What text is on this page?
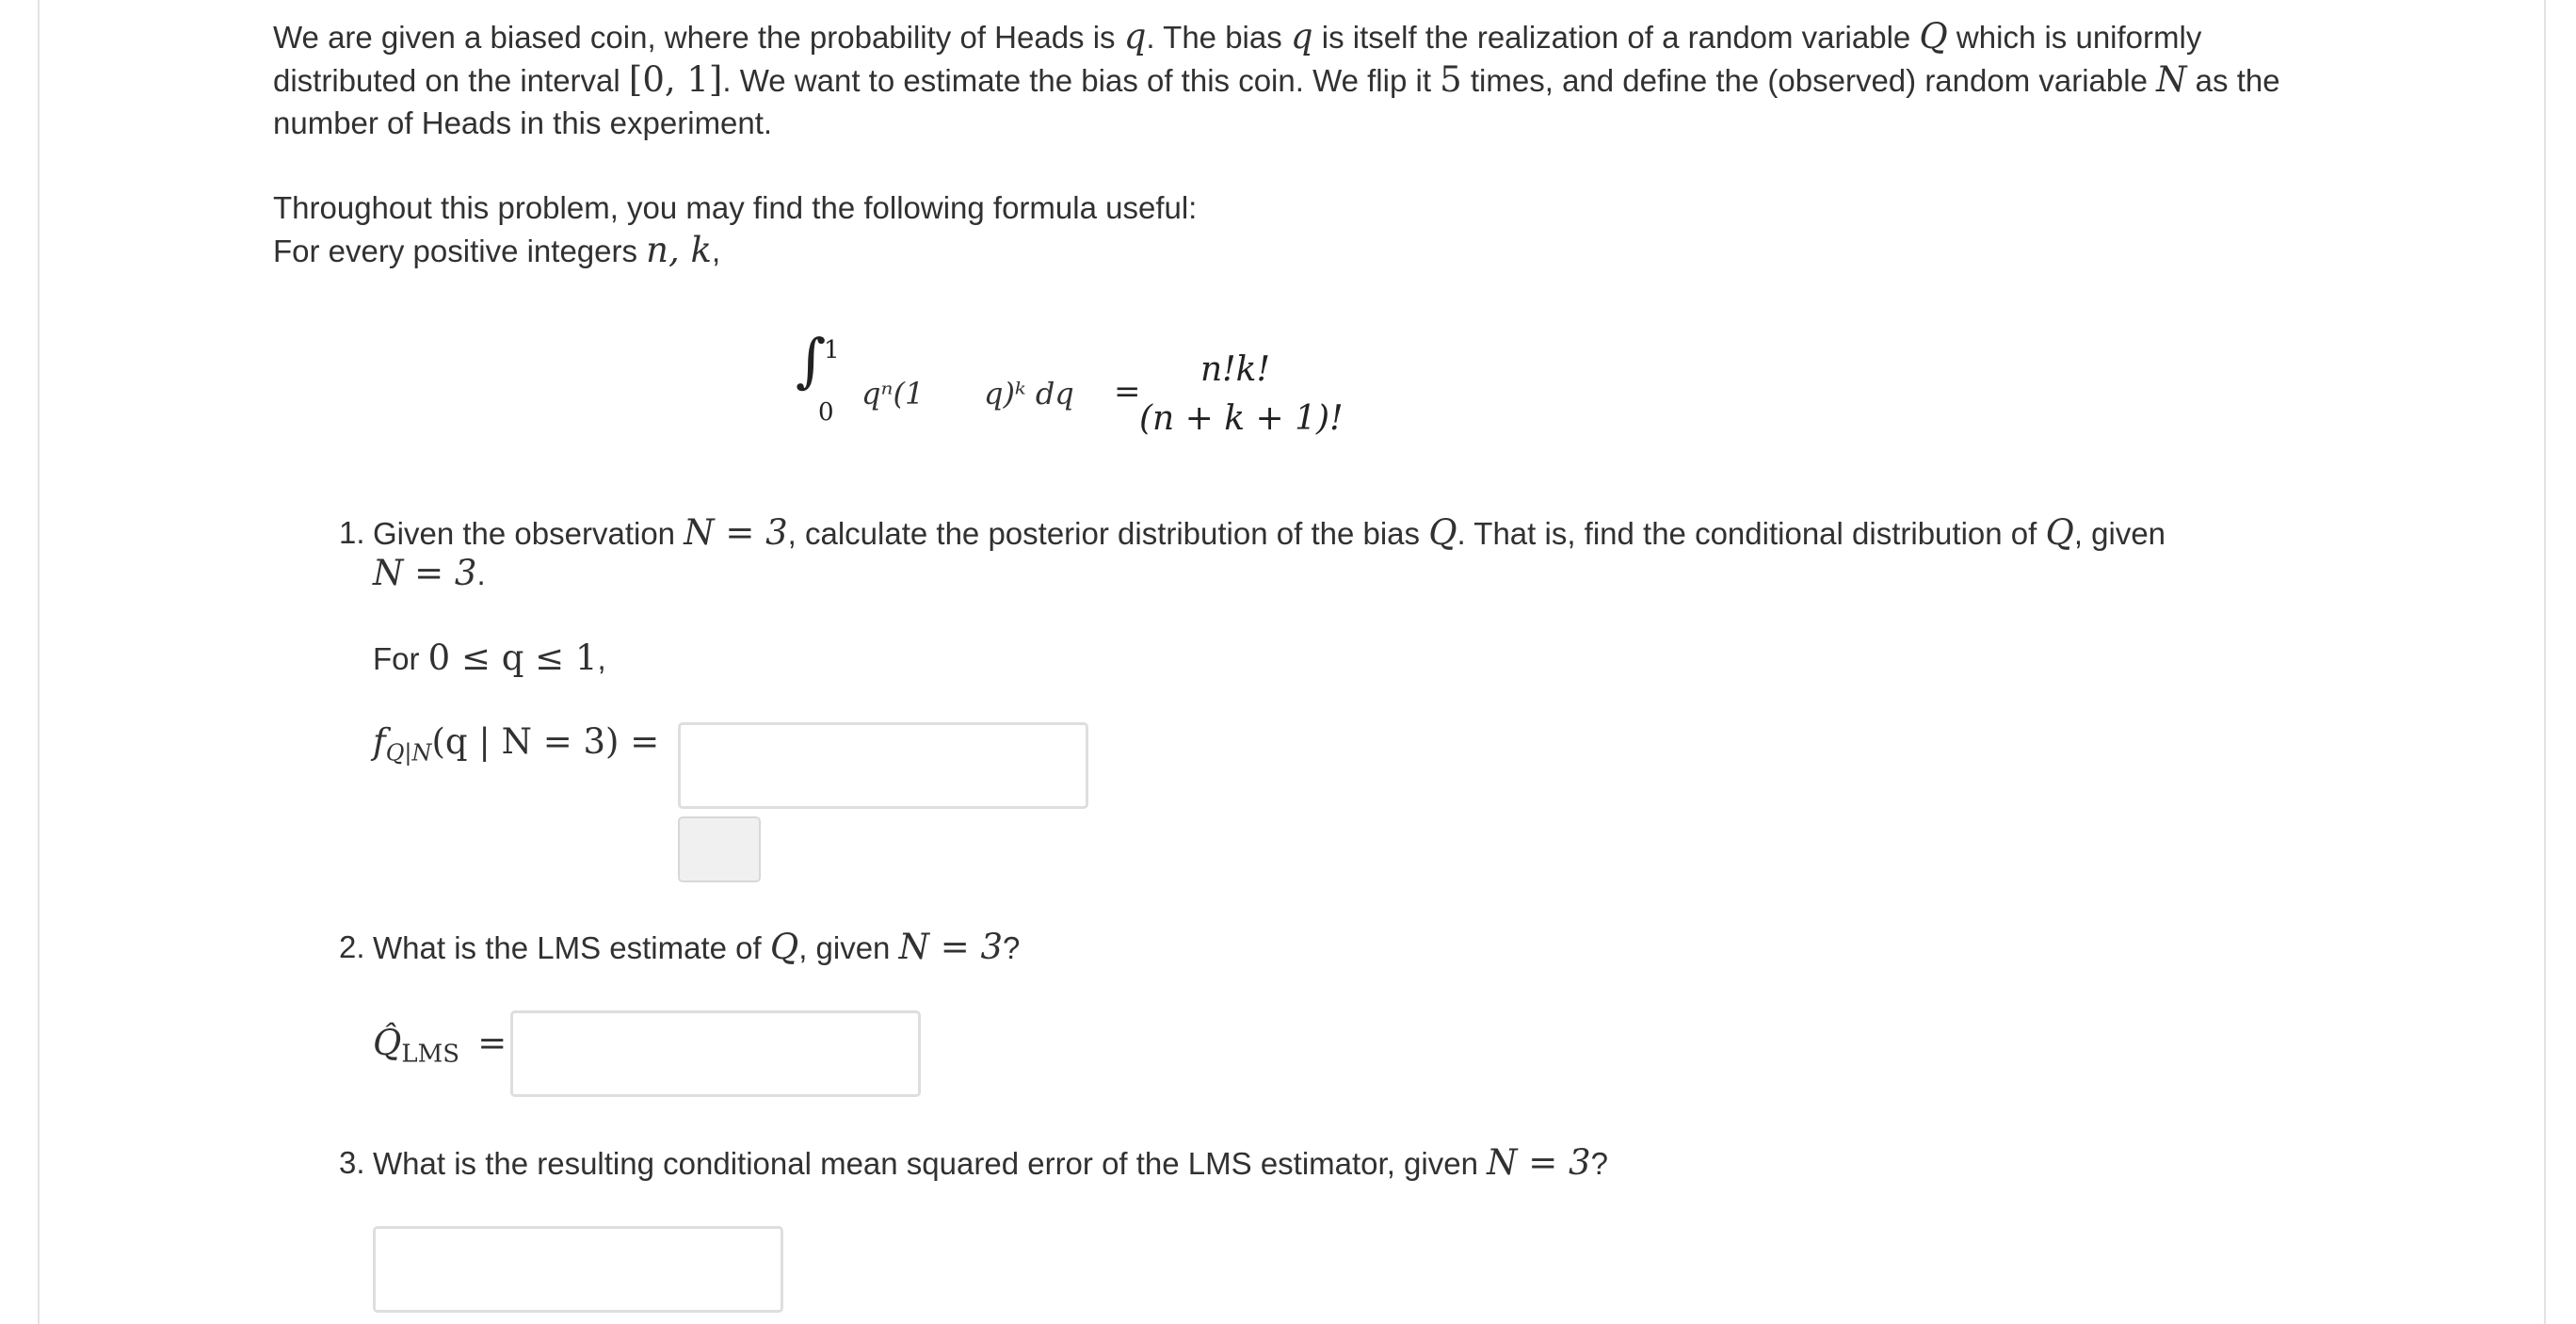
We are given a biased coin, where the probability of Heads is q. The bias q is itself the realization of a random variable Q which is uniformly
distributed on the interval [0, 1]. We want to estimate the bias of this coin. We flip it 5 times, and define the (observed) random variable N as the
number of Heads in this experiment.
Throughout this problem, you may find the following formula useful:
For every positive integers n, k,
∫
1
0
qⁿ(1 q)ᵏ dq =
n!k!
(n + k + 1)!
1. Given the observation N = 3, calculate the posterior distribution of the bias Q. That is, find the conditional distribution of Q, given
N = 3.
For 0 ≤ q ≤ 1,
$f_{Q|N}(q$ | N = 3) =
2. What is the LMS estimate of Q, given N = 3?
$Q̂_{LMS}$ =
3. What is the resulting conditional mean squared error of the LMS estimator, given N = 3?
